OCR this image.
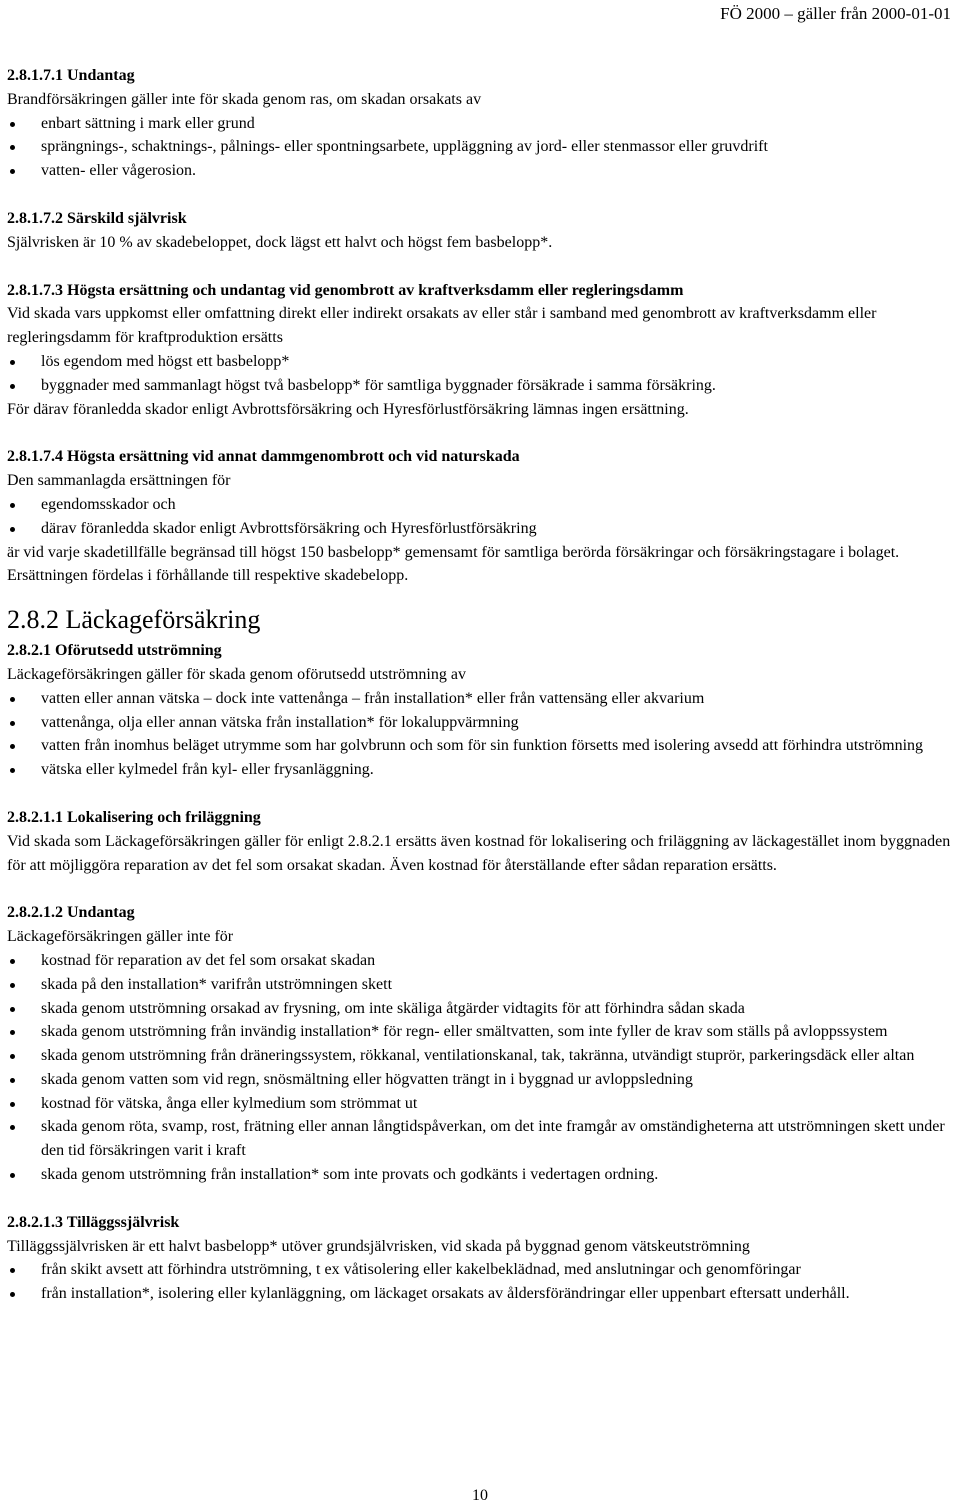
FÖ 2000 – gäller från 2000-01-01
2.8.1.7.1 Undantag

Brandförsäkringen gäller inte för skada genom ras, om skadan orsakats av

enbart sättning i mark eller grund
sprängnings-, schaktnings-, pålnings- eller spontningsarbete, uppläggning av jord- eller stenmassor eller gruvdrift
vatten- eller vågerosion.
2.8.1.7.2 Särskild självrisk

Självrisken är 10 % av skadebeloppet, dock lägst ett halvt och högst fem basbelopp*.

2.8.1.7.3 Högsta ersättning och undantag vid genombrott av kraftverksdamm eller regleringsdamm

Vid skada vars uppkomst eller omfattning direkt eller indirekt orsakats av eller står i samband med genombrott av kraftverksdamm eller regleringsdamm för kraftproduktion ersätts

lös egendom med högst ett basbelopp*
byggnader med sammanlagt högst två basbelopp* för samtliga byggnader försäkrade i samma försäkring.

För därav föranledda skador enligt Avbrottsförsäkring och Hyresförlustförsäkring lämnas ingen ersättning.

2.8.1.7.4 Högsta ersättning vid annat dammgenombrott och vid naturskada

Den sammanlagda ersättningen för

egendomsskador och
därav föranledda skador enligt Avbrottsförsäkring och Hyresförlustförsäkring

är vid varje skadetillfälle begränsad till högst 150 basbelopp* gemensamt för samtliga berörda försäkringar och försäkringstagare i bolaget. Ersättningen fördelas i förhållande till respektive skadebelopp.

2.8.2 Läckageförsäkring
2.8.2.1 Oförutsedd utströmning

Läckageförsäkringen gäller för skada genom oförutsedd utströmning av

vatten eller annan vätska – dock inte vattenånga – från installation* eller från vattensäng eller akvarium
vattenånga, olja eller annan vätska från installation* för lokaluppvärmning
vatten från inomhus beläget utrymme som har golvbrunn och som för sin funktion försetts med isolering avsedd att förhindra utströmning
vätska eller kylmedel från kyl- eller frysanläggning.
2.8.2.1.1 Lokalisering och friläggning

Vid skada som Läckageförsäkringen gäller för enligt 2.8.2.1 ersätts även kostnad för lokalisering och friläggning av läckagestället inom byggnaden för att möjliggöra reparation av det fel som orsakat skadan. Även kostnad för återställande efter sådan reparation ersätts.

2.8.2.1.2 Undantag

Läckageförsäkringen gäller inte för

kostnad för reparation av det fel som orsakat skadan
skada på den installation* varifrån utströmningen skett
skada genom utströmning orsakad av frysning, om inte skäliga åtgärder vidtagits för att förhindra sådan skada
skada genom utströmning från invändig installation* för regn- eller smältvatten, som inte fyller de krav som ställs på avloppssystem
skada genom utströmning från dräneringssystem, rökkanal, ventilationskanal, tak, takränna, utvändigt stuprör, parkeringsdäck eller altan
skada genom vatten som vid regn, snösmältning eller högvatten trängt in i byggnad ur avloppsledning
kostnad för vätska, ånga eller kylmedium som strömmat ut
skada genom röta, svamp, rost, frätning eller annan långtidspåverkan, om det inte framgår av omständigheterna att utströmningen skett under den tid försäkringen varit i kraft
skada genom utströmning från installation* som inte provats och godkänts i vedertagen ordning.
2.8.2.1.3 Tilläggssjälvrisk

Tilläggssjälvrisken är ett halvt basbelopp* utöver grundsjälvrisken, vid skada på byggnad genom vätskeutströmning

från skikt avsett att förhindra utströmning, t ex våtisolering eller kakelbeklädnad, med anslutningar och genomföringar
från installation*, isolering eller kylanläggning, om läckaget orsakats av åldersförändringar eller uppenbart eftersatt underhåll.
10
